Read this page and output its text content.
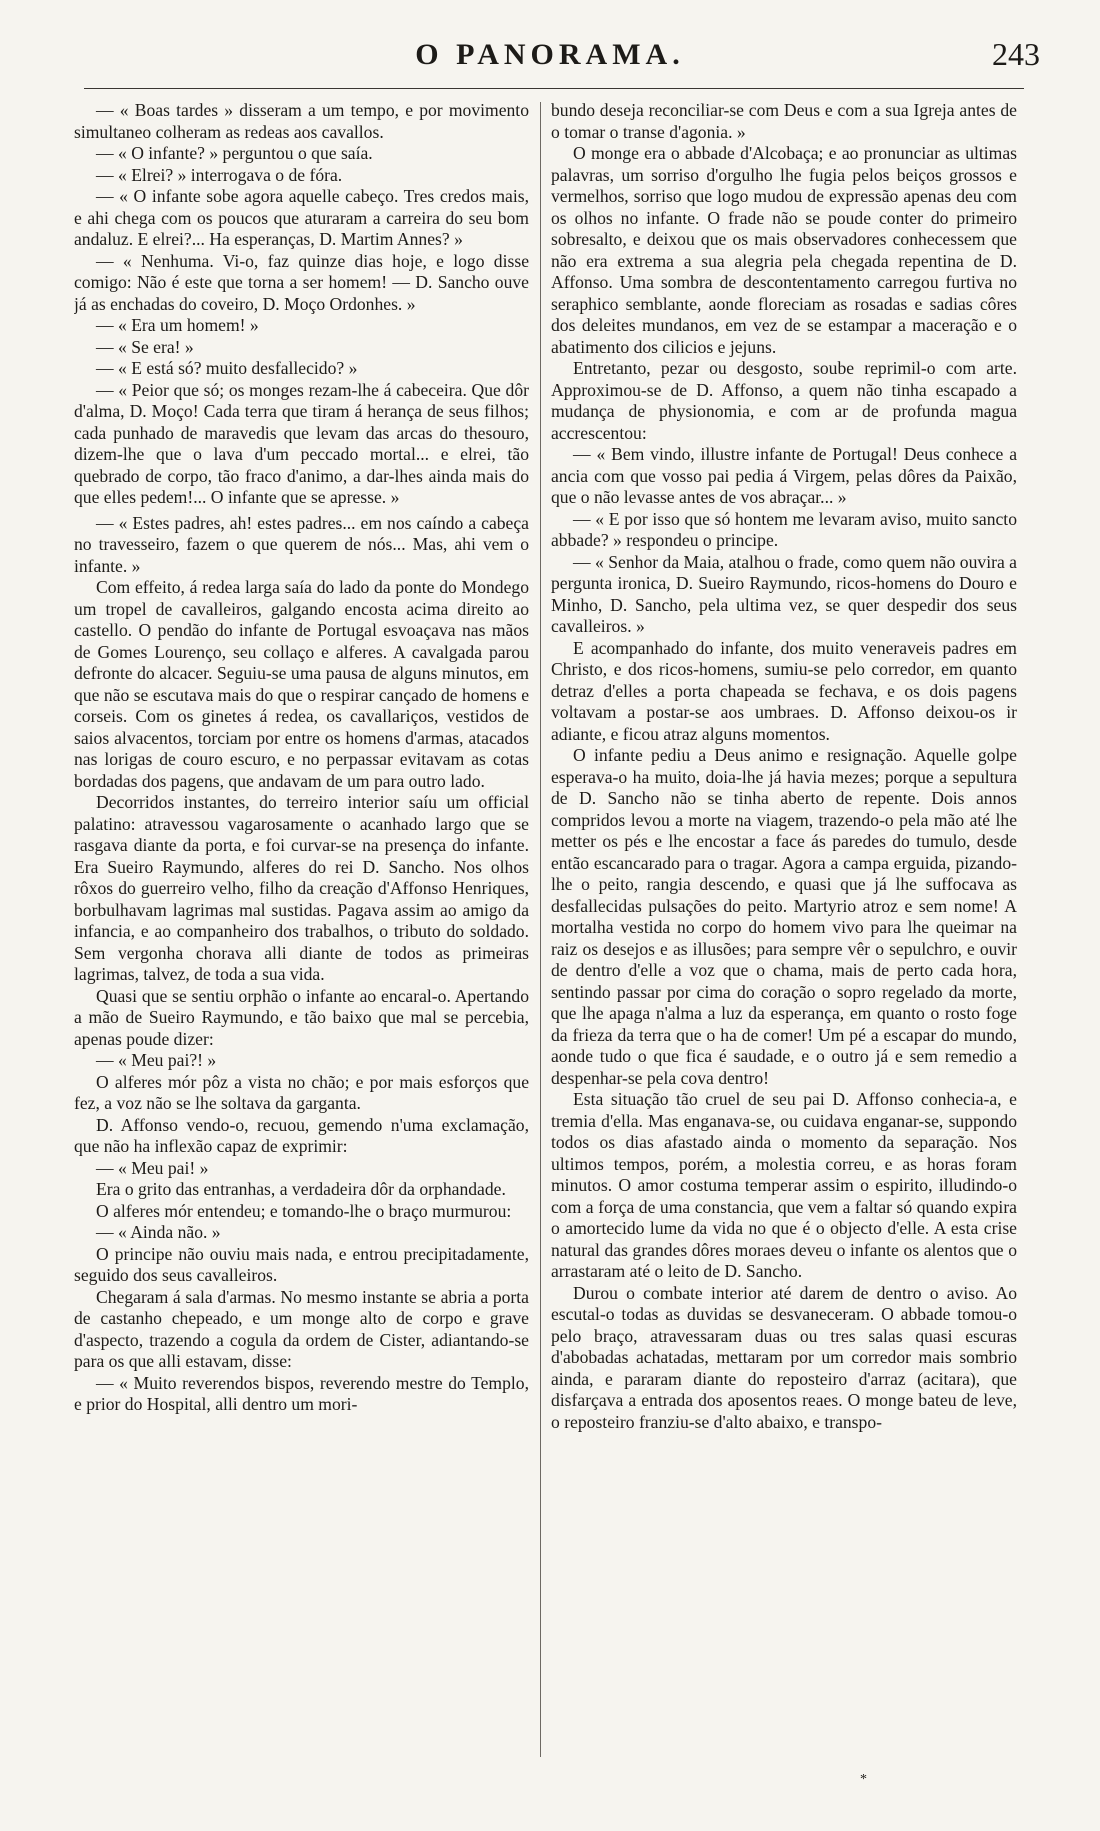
O PANORAMA.	243

— « Boas tardes » disseram a um tempo, e por movimento simultaneo colheram as redeas aos cavallos.

— « O infante? » perguntou o que saía.

— « Elrei? » interrogava o de fóra.

— « O infante sobe agora aquelle cabeço. Tres credos mais, e ahi chega com os poucos que aturaram a carreira do seu bom andaluz. E elrei?... Ha esperanças, D. Martim Annes? »

— « Nenhuma. Vi-o, faz quinze dias hoje, e logo disse comigo: Não é este que torna a ser homem! — D. Sancho ouve já as enchadas do coveiro, D. Moço Ordonhes. »

— « Era um homem! »

— « Se era! »

— « E está só? muito desfallecido? »

— « Peior que só; os monges rezam-lhe á cabeceira. Que dôr d'alma, D. Moço! Cada terra que tiram á herança de seus filhos; cada punhado de maravedis que levam das arcas do thesouro, dizem-lhe que o lava d'um peccado mortal... e elrei, tão quebrado de corpo, tão fraco d'animo, a dar-lhes ainda mais do que elles pedem!... O infante que se apresse. »

— « Estes padres, ah! estes padres... em nos caíndo a cabeça no travesseiro, fazem o que querem de nós... Mas, ahi vem o infante. »

Com effeito, á redea larga saía do lado da ponte do Mondego um tropel de cavalleiros, galgando encosta acima direito ao castello. O pendão do infante de Portugal esvoaçava nas mãos de Gomes Lourenço, seu collaço e alferes. A cavalgada parou defronte do alcacer. Seguiu-se uma pausa de alguns minutos, em que não se escutava mais do que o respirar cançado de homens e corseis. Com os ginetes á redea, os cavallariços, vestidos de saios alvacentos, torciam por entre os homens d'armas, atacados nas lorigas de couro escuro, e no perpassar evitavam as cotas bordadas dos pagens, que andavam de um para outro lado.

Decorridos instantes, do terreiro interior saíu um official palatino: atravessou vagarosamente o acanhado largo que se rasgava diante da porta, e foi curvar-se na presença do infante. Era Sueiro Raymundo, alferes do rei D. Sancho. Nos olhos rôxos do guerreiro velho, filho da creação d'Affonso Henriques, borbulhavam lagrimas mal sustidas. Pagava assim ao amigo da infancia, e ao companheiro dos trabalhos, o tributo do soldado. Sem vergonha chorava alli diante de todos as primeiras lagrimas, talvez, de toda a sua vida.

Quasi que se sentiu orphão o infante ao encaral-o. Apertando a mão de Sueiro Raymundo, e tão baixo que mal se percebia, apenas poude dizer:

— « Meu pai?! »

O alferes mór pôz a vista no chão; e por mais esforços que fez, a voz não se lhe soltava da garganta.

D. Affonso vendo-o, recuou, gemendo n'uma exclamação, que não ha inflexão capaz de exprimir:

— « Meu pai! »

Era o grito das entranhas, a verdadeira dôr da orphandade.

O alferes mór entendeu; e tomando-lhe o braço murmurou:

— « Ainda não. »

O principe não ouviu mais nada, e entrou precipitadamente, seguido dos seus cavalleiros.

Chegaram á sala d'armas. No mesmo instante se abria a porta de castanho chepeado, e um monge alto de corpo e grave d'aspecto, trazendo a cogula da ordem de Cister, adiantando-se para os que alli estavam, disse:

— « Muito reverendos bispos, reverendo mestre do Templo, e prior do Hospital, alli dentro um mori-

bundo deseja reconciliar-se com Deus e com a sua Igreja antes de o tomar o transe d'agonia. »

O monge era o abbade d'Alcobaça; e ao pronunciar as ultimas palavras, um sorriso d'orgulho lhe fugia pelos beiços grossos e vermelhos, sorriso que logo mudou de expressão apenas deu com os olhos no infante. O frade não se poude conter do primeiro sobresalto, e deixou que os mais observadores conhecessem que não era extrema a sua alegria pela chegada repentina de D. Affonso. Uma sombra de descontentamento carregou furtiva no seraphico semblante, aonde floreciam as rosadas e sadias côres dos deleites mundanos, em vez de se estampar a maceração e o abatimento dos cilicios e jejuns.

Entretanto, pezar ou desgosto, soube reprimil-o com arte. Approximou-se de D. Affonso, a quem não tinha escapado a mudança de physionomia, e com ar de profunda magua accrescentou:

— « Bem vindo, illustre infante de Portugal! Deus conhece a ancia com que vosso pai pedia á Virgem, pelas dôres da Paixão, que o não levasse antes de vos abraçar... »

— « E por isso que só hontem me levaram aviso, muito sancto abbade? » respondeu o principe.

— « Senhor da Maia, atalhou o frade, como quem não ouvira a pergunta ironica, D. Sueiro Raymundo, ricos-homens do Douro e Minho, D. Sancho, pela ultima vez, se quer despedir dos seus cavalleiros. »

E acompanhado do infante, dos muito veneraveis padres em Christo, e dos ricos-homens, sumiu-se pelo corredor, em quanto detraz d'elles a porta chapeada se fechava, e os dois pagens voltavam a postar-se aos umbraes. D. Affonso deixou-os ir adiante, e ficou atraz alguns momentos.

O infante pediu a Deus animo e resignação. Aquelle golpe esperava-o ha muito, doia-lhe já havia mezes; porque a sepultura de D. Sancho não se tinha aberto de repente. Dois annos compridos levou a morte na viagem, trazendo-o pela mão até lhe metter os pés e lhe encostar a face ás paredes do tumulo, desde então escancarado para o tragar. Agora a campa erguida, pizando-lhe o peito, rangia descendo, e quasi que já lhe suffocava as desfallecidas pulsações do peito. Martyrio atroz e sem nome! A mortalha vestida no corpo do homem vivo para lhe queimar na raiz os desejos e as illusões; para sempre vêr o sepulchro, e ouvir de dentro d'elle a voz que o chama, mais de perto cada hora, sentindo passar por cima do coração o sopro regelado da morte, que lhe apaga n'alma a luz da esperança, em quanto o rosto foge da frieza da terra que o ha de comer! Um pé a escapar do mundo, aonde tudo o que fica é saudade, e o outro já e sem remedio a despenhar-se pela cova dentro!

Esta situação tão cruel de seu pai D. Affonso conhecia-a, e tremia d'ella. Mas enganava-se, ou cuidava enganar-se, suppondo todos os dias afastado ainda o momento da separação. Nos ultimos tempos, porém, a molestia correu, e as horas foram minutos. O amor costuma temperar assim o espirito, illudindo-o com a força de uma constancia, que vem a faltar só quando expira o amortecido lume da vida no que é o objecto d'elle. A esta crise natural das grandes dôres moraes deveu o infante os alentos que o arrastaram até o leito de D. Sancho.

Durou o combate interior até darem de dentro o aviso. Ao escutal-o todas as duvidas se desvaneceram. O abbade tomou-o pelo braço, atravessaram duas ou tres salas quasi escuras d'abobadas achatadas, mettaram por um corredor mais sombrio ainda, e pararam diante do reposteiro d'arraz (acitara), que disfarçava a entrada dos aposentos reaes. O monge bateu de leve, o reposteiro franziu-se d'alto abaixo, e transpo-

*
